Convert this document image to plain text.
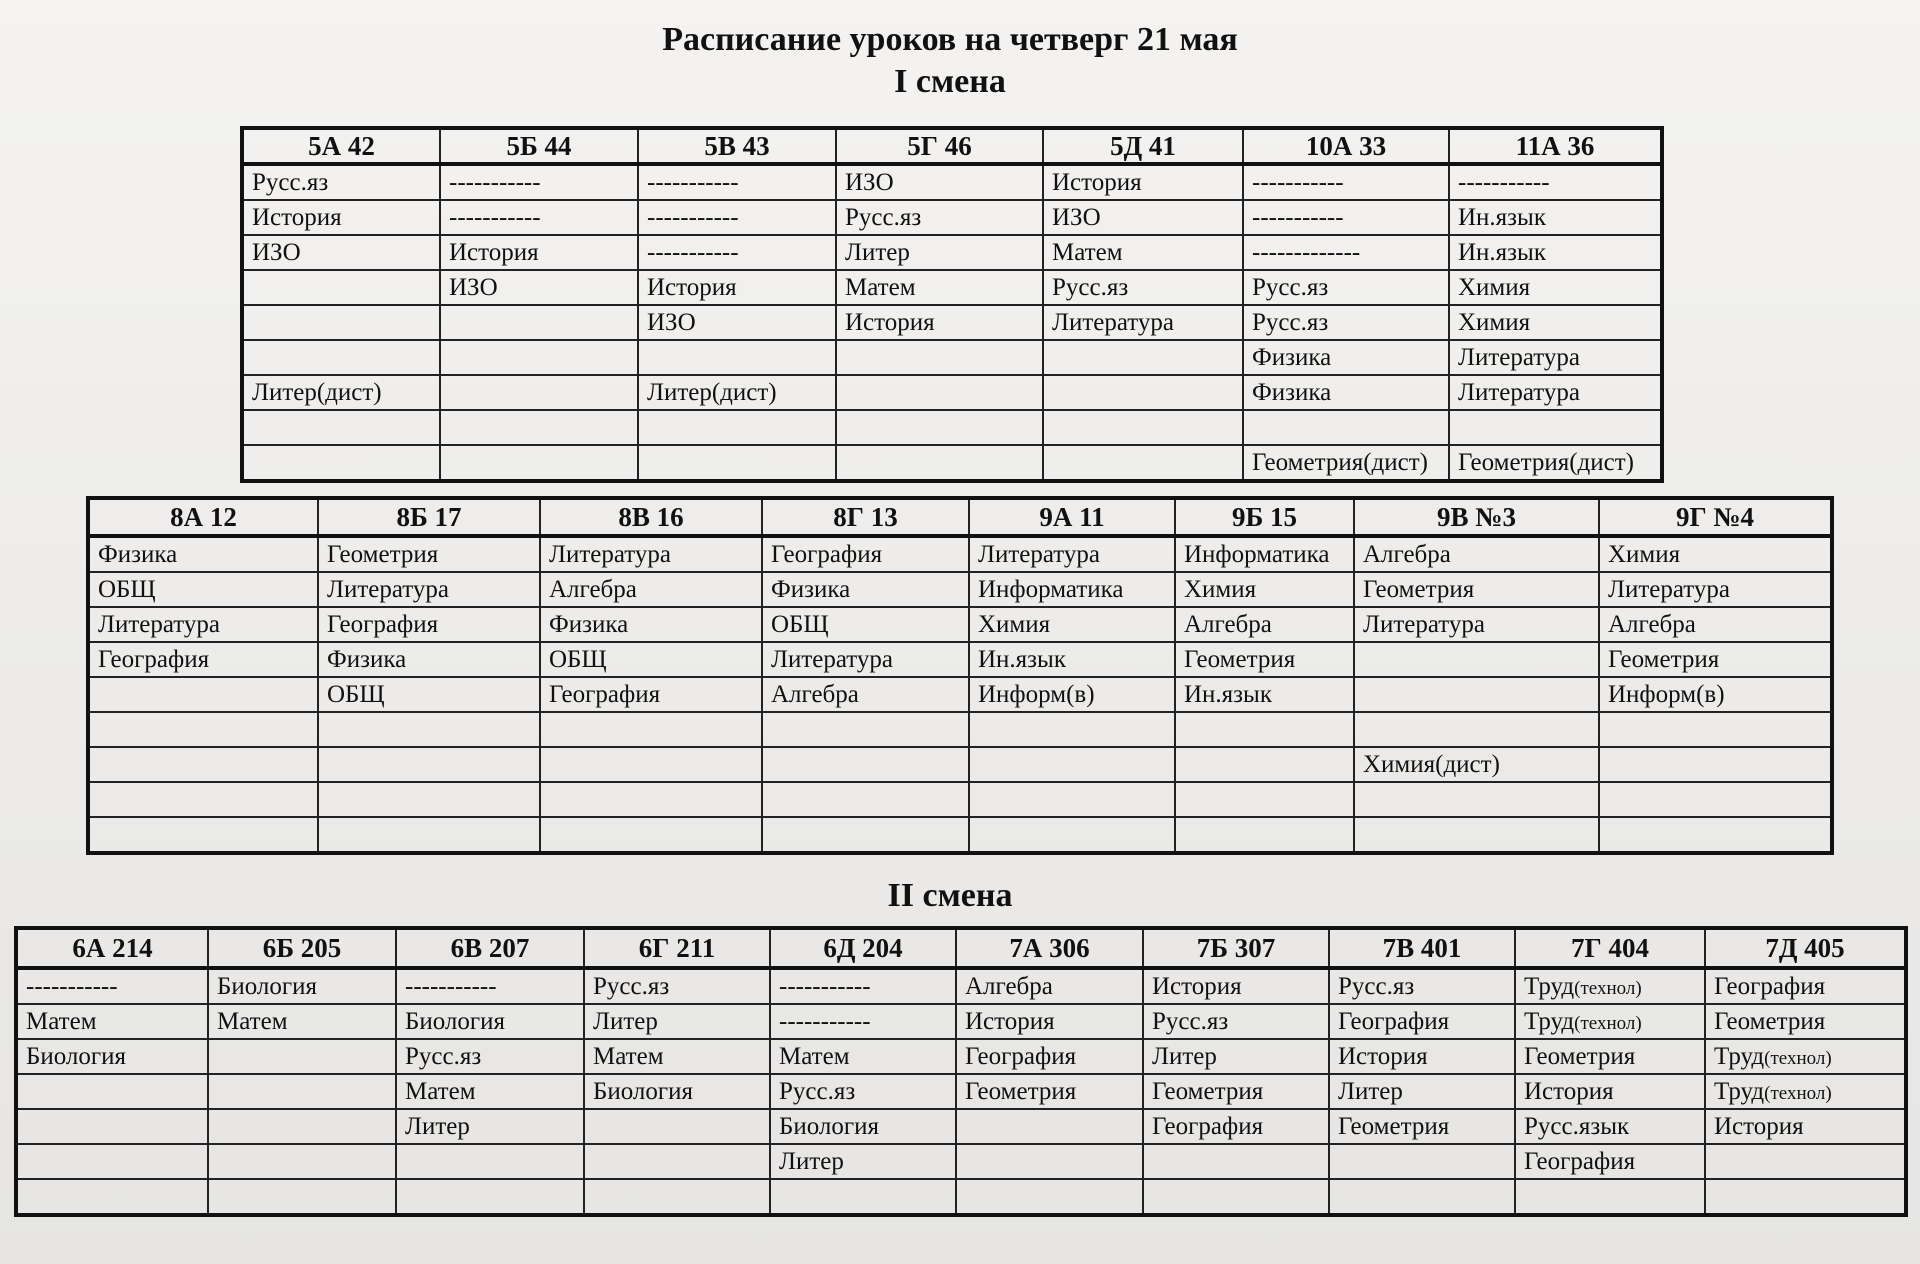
Расписание уроков на четверг 21 мая
I смена
5А 42	5Б 44	5В 43	5Г 46	5Д 41	10А 33	11А 36
Русс.яз	-----------	-----------	ИЗО	История	-----------	-----------
История	-----------	-----------	Русс.яз	ИЗО	-----------	Ин.язык
ИЗО	История	-----------	Литер	Матем	-------------	Ин.язык
	ИЗО	История	Матем	Русс.яз	Русс.яз	Химия
		ИЗО	История	Литература	Русс.яз	Химия
					Физика	Литература
Литер(дист)		Литер(дист)			Физика	Литература

					Геометрия(дист)	Геометрия(дист)
8А 12	8Б 17	8В 16	8Г 13	9А 11	9Б 15	9В №3	9Г №4
Физика	Геометрия	Литература	География	Литература	Информатика	Алгебра	Химия
ОБЩ	Литература	Алгебра	Физика	Информатика	Химия	Геометрия	Литература
Литература	География	Физика	ОБЩ	Химия	Алгебра	Литература	Алгебра
География	Физика	ОБЩ	Литература	Ин.язык	Геометрия		Геометрия
	ОБЩ	География	Алгебра	Информ(в)	Ин.язык		Информ(в)

						Химия(дист)	

II смена
6А 214	6Б 205	6В 207	6Г 211	6Д 204	7А 306	7Б 307	7В 401	7Г 404	7Д 405
-----------	Биология	-----------	Русс.яз	-----------	Алгебра	История	Русс.яз	Труд(технол)	География
Матем	Матем	Биология	Литер	-----------	История	Русс.яз	География	Труд(технол)	Геометрия
Биология		Русс.яз	Матем	Матем	География	Литер	История	Геометрия	Труд(технол)
		Матем	Биология	Русс.яз	Геометрия	Геометрия	Литер	История	Труд(технол)
		Литер		Биология		География	Геометрия	Русс.язык	История
				Литер				География	
